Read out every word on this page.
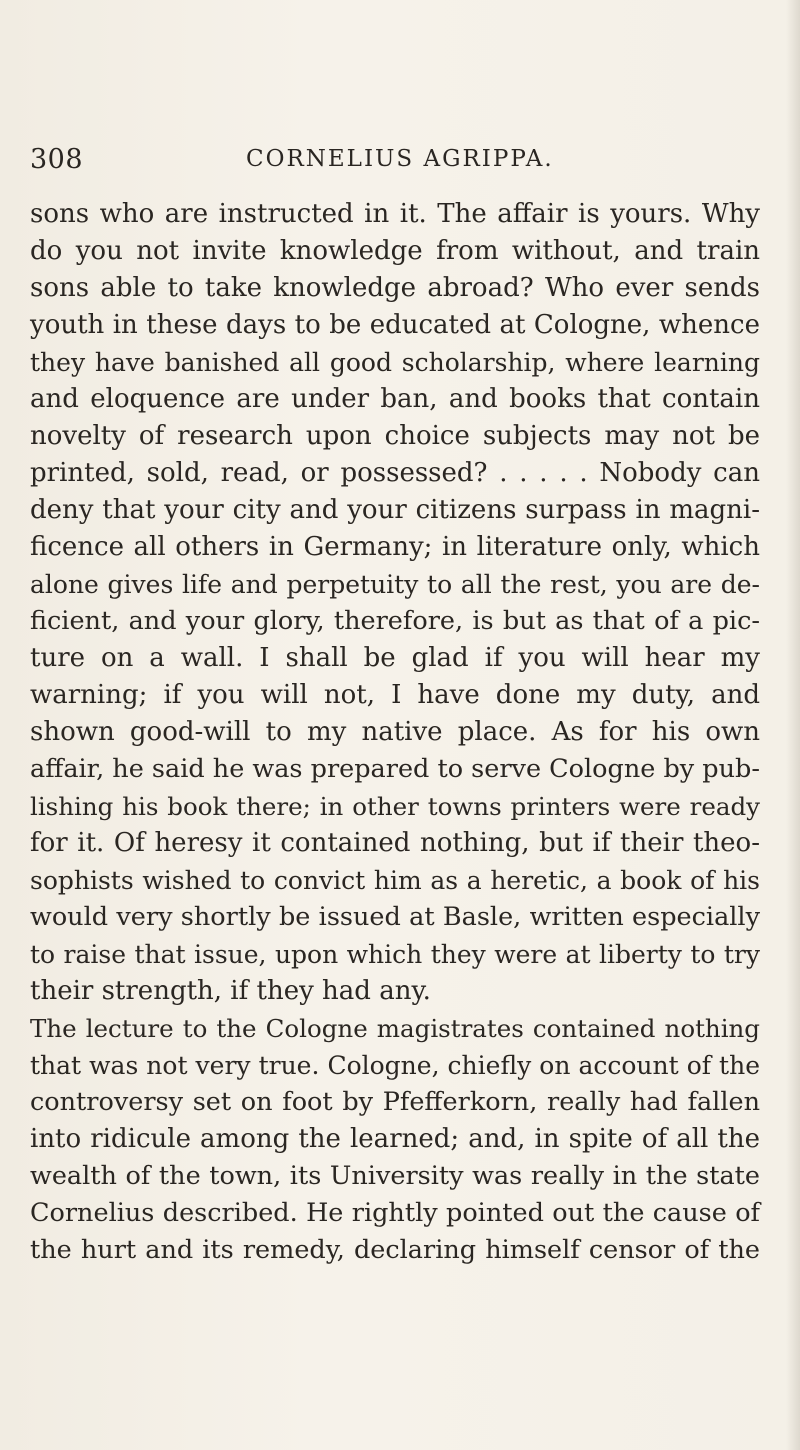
308	CORNELIUS AGRIPPA.
sons who are instructed in it. The affair is yours. Why
do you not invite knowledge from without, and train
sons able to take knowledge abroad? Who ever sends
youth in these days to be educated at Cologne, whence
they have banished all good scholarship, where learning
and eloquence are under ban, and books that contain
novelty of research upon choice subjects may not be
printed, sold, read, or possessed? . . . . . Nobody can
deny that your city and your citizens surpass in magni-
ficence all others in Germany; in literature only, which
alone gives life and perpetuity to all the rest, you are de-
ficient, and your glory, therefore, is but as that of a pic-
ture on a wall. I shall be glad if you will hear my
warning; if you will not, I have done my duty, and
shown good-will to my native place. As for his own
affair, he said he was prepared to serve Cologne by pub-
lishing his book there; in other towns printers were ready
for it. Of heresy it contained nothing, but if their theo-
sophists wished to convict him as a heretic, a book of his
would very shortly be issued at Basle, written especially
to raise that issue, upon which they were at liberty to try
their strength, if they had any.
The lecture to the Cologne magistrates contained nothing
that was not very true. Cologne, chiefly on account of the
controversy set on foot by Pfefferkorn, really had fallen
into ridicule among the learned; and, in spite of all the
wealth of the town, its University was really in the state
Cornelius described. He rightly pointed out the cause of
the hurt and its remedy, declaring himself censor of the
